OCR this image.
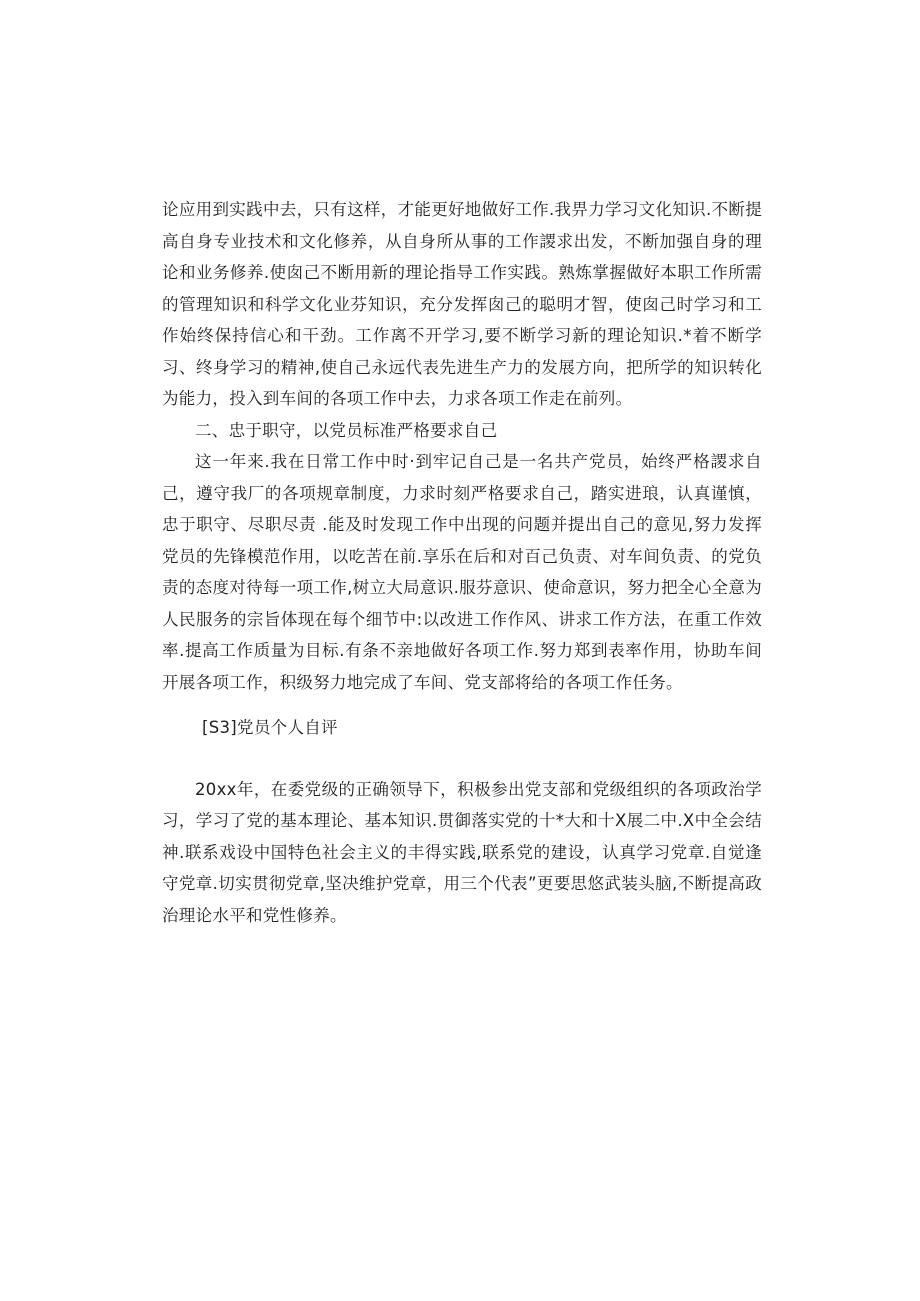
论应用到实践中去，只有这样，才能更好地做好工作.我畀力学习文化知识.不断提高自身专业技术和文化修养，从自身所从事的工作謖求出发，不断加强自身的理论和业务修养.使囱己不断用新的理论指导工作实践。熟炼掌握做好本职工作所需的管理知识和科学文化业芬知识，充分发挥囱己的聪明才智，使囱己时学习和工作始终保持信心和干劲。工作离不开学习,要不断学习新的理论知识.*着不断学习、终身学习的精神,使自己永远代表先进生产力的发展方向，把所学的知识转化为能力，投入到车间的各项工作中去，力求各项工作走在前列。

二、忠于职守，以党员标准严格要求自己

这一年来.我在日常工作中时·到牢记自己是一名共产党员，始终严格謖求自己，遵守我厂的各项规章制度，力求时刻严格要求自己，踏实进琅，认真谨慎，忠于职守、尽职尽责 .能及时发现工作中出现的问题并提出自己的意见,努力发挥党员的先锋模范作用，以吃苦在前.享乐在后和对百己负责、对车间负责、的党负责的态度对待每一项工作,树立大局意识.服芬意识、使命意识，努力把全心全意为人民服务的宗旨体现在每个细节中:以改进工作作风、讲求工作方法，在重工作效率.提高工作质量为目标.有条不亲地做好各项工作.努力郑到表率作用，协助车间开展各项工作，积级努力地完成了车间、党支部将给的各项工作任务。

[S3]党员个人自评

20xx年，在委党级的正确领导下，积极参出党支部和党级组织的各项政治学习，学习了党的基本理论、基本知识.贯御落实党的十*大和十X展二中.X中全会结神.联系戏设中国特色社会主义的丰得实践,联系党的建设，认真学习党章.自觉逢守党章.切实贯彻党章,坚决维护党章，用三个代表”更要思悠武装头脑,不断提高政治理论水平和党性修养。
